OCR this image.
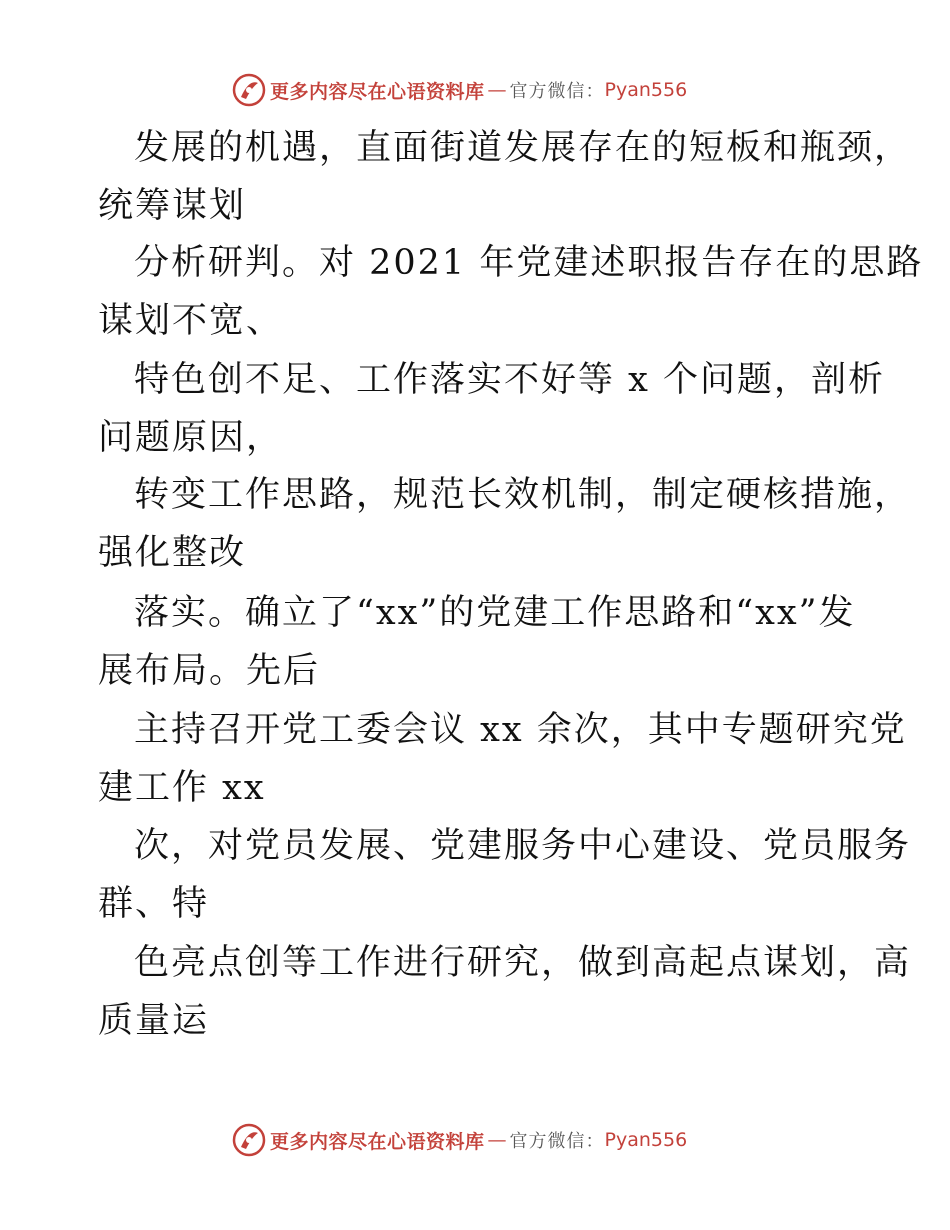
更多内容尽在心语资料库 — 官方微信： Pyan556
发展的机遇，直面街道发展存在的短板和瓶颈，
统筹谋划
分析研判。对 2021 年党建述职报告存在的思路
谋划不宽、
特色创不足、工作落实不好等 x 个问题，剖析
问题原因，
转变工作思路，规范长效机制，制定硬核措施，
强化整改
落实。确立了“xx”的党建工作思路和“xx”发
展布局。先后
主持召开党工委会议 xx 余次，其中专题研究党
建工作 xx
次，对党员发展、党建服务中心建设、党员服务
群、特
色亮点创等工作进行研究，做到高起点谋划，高
质量运
更多内容尽在心语资料库 — 官方微信： Pyan556
